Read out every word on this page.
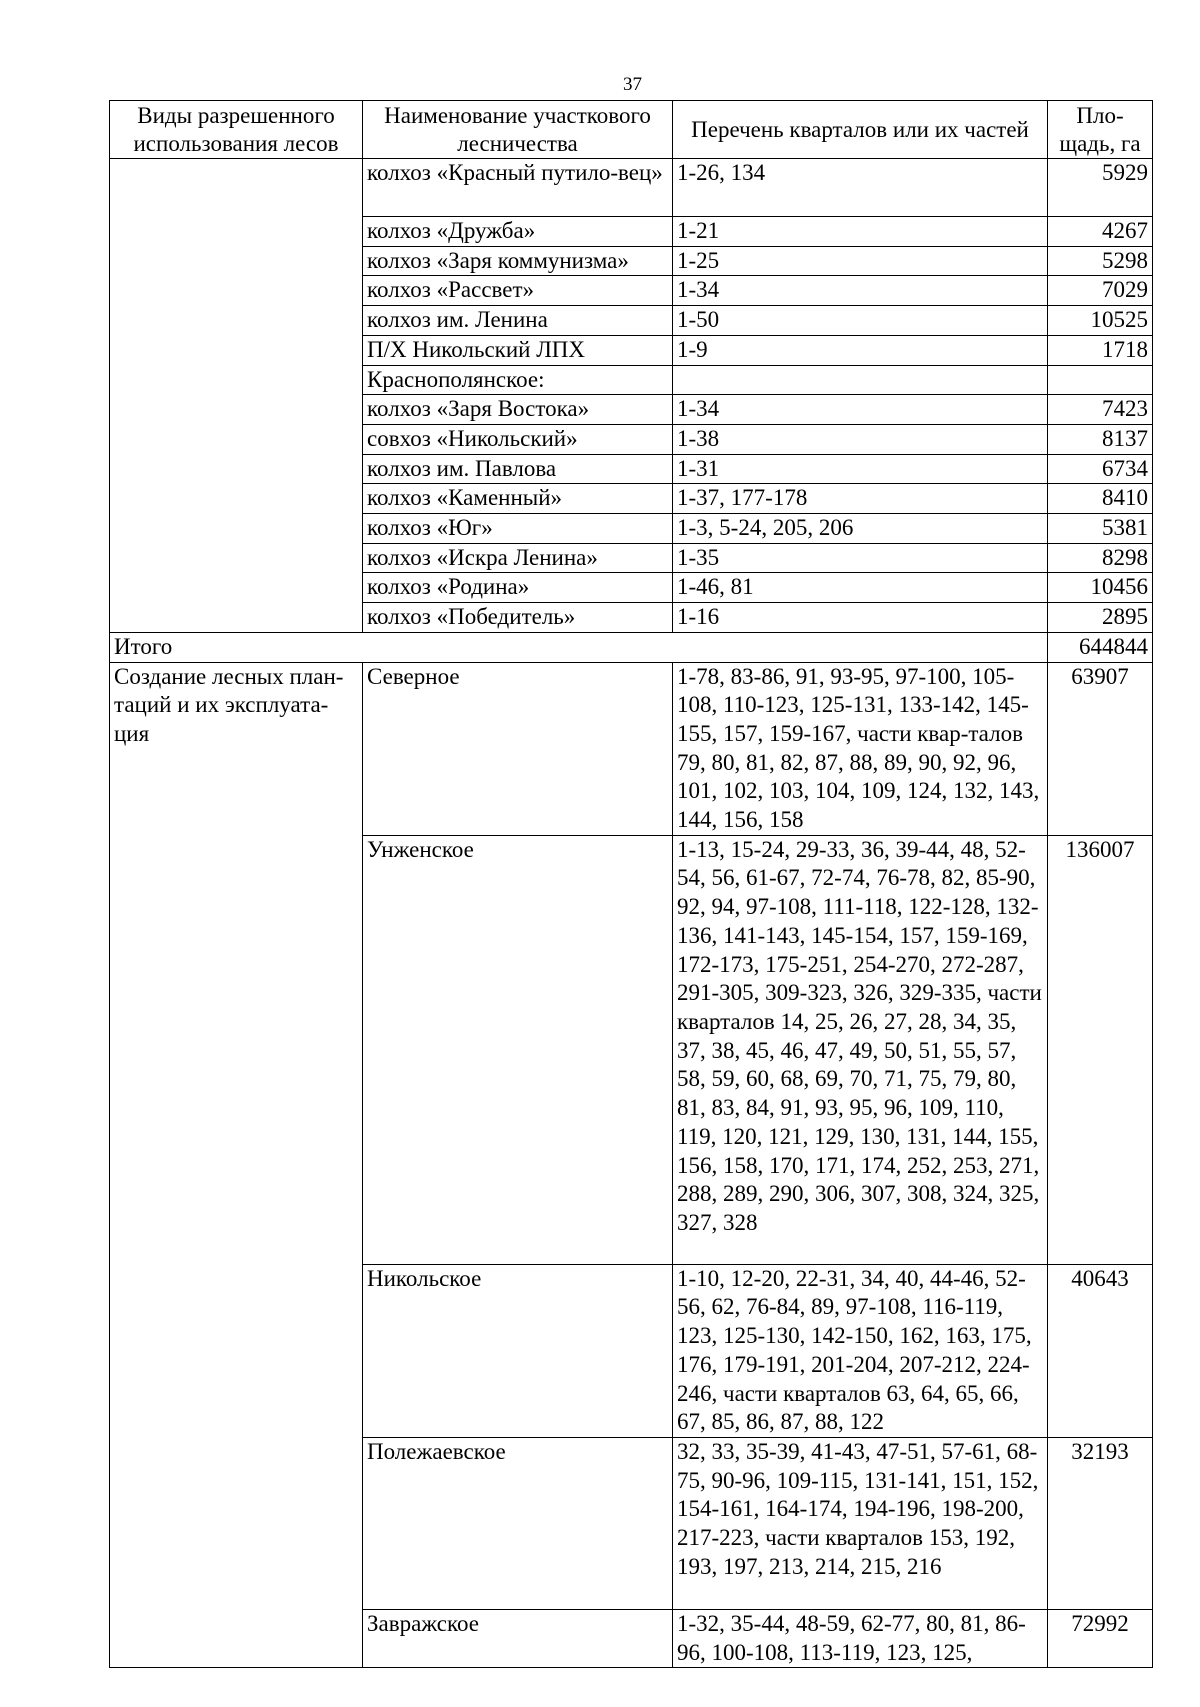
37
Виды разрешенного использования лесов	Наименование участкового лесничества	Перечень кварталов или их частей	Пло-щадь, га
	колхоз «Красный путило-вец»	1-26, 134	5929
	колхоз «Дружба»	1-21	4267
	колхоз «Заря коммунизма»	1-25	5298
	колхоз «Рассвет»	1-34	7029
	колхоз им. Ленина	1-50	10525
	П/Х Никольский ЛПХ	1-9	1718
	Краснополянское:		
	колхоз «Заря Востока»	1-34	7423
	совхоз «Никольский»	1-38	8137
	колхоз им. Павлова	1-31	6734
	колхоз «Каменный»	1-37, 177-178	8410
	колхоз «Юг»	1-3, 5-24, 205, 206	5381
	колхоз «Искра Ленина»	1-35	8298
	колхоз «Родина»	1-46, 81	10456
	колхоз «Победитель»	1-16	2895
Итого			644844
Создание лесных план-таций и их эксплуата-ция	Северное	1-78, 83-86, 91, 93-95, 97-100, 105-108, 110-123, 125-131, 133-142, 145-155, 157, 159-167, части квар-талов 79, 80, 81, 82, 87, 88, 89, 90, 92, 96, 101, 102, 103, 104, 109, 124, 132, 143, 144, 156, 158	63907
	Унженское	1-13, 15-24, 29-33, 36, 39-44, 48, 52-54, 56, 61-67, 72-74, 76-78, 82, 85-90, 92, 94, 97-108, 111-118, 122-128, 132-136, 141-143, 145-154, 157, 159-169, 172-173, 175-251, 254-270, 272-287, 291-305, 309-323, 326, 329-335, части кварталов 14, 25, 26, 27, 28, 34, 35, 37, 38, 45, 46, 47, 49, 50, 51, 55, 57, 58, 59, 60, 68, 69, 70, 71, 75, 79, 80, 81, 83, 84, 91, 93, 95, 96, 109, 110, 119, 120, 121, 129, 130, 131, 144, 155, 156, 158, 170, 171, 174, 252, 253, 271, 288, 289, 290, 306, 307, 308, 324, 325, 327, 328	136007
	Никольское	1-10, 12-20, 22-31, 34, 40, 44-46, 52-56, 62, 76-84, 89, 97-108, 116-119, 123, 125-130, 142-150, 162, 163, 175, 176, 179-191, 201-204, 207-212, 224-246, части кварталов 63, 64, 65, 66, 67, 85, 86, 87, 88, 122	40643
	Полежаевское	32, 33, 35-39, 41-43, 47-51, 57-61, 68-75, 90-96, 109-115, 131-141, 151, 152, 154-161, 164-174, 194-196, 198-200, 217-223, части кварталов 153, 192, 193, 197, 213, 214, 215, 216	32193
	Завражское	1-32, 35-44, 48-59, 62-77, 80, 81, 86-96, 100-108, 113-119, 123, 125,	72992
